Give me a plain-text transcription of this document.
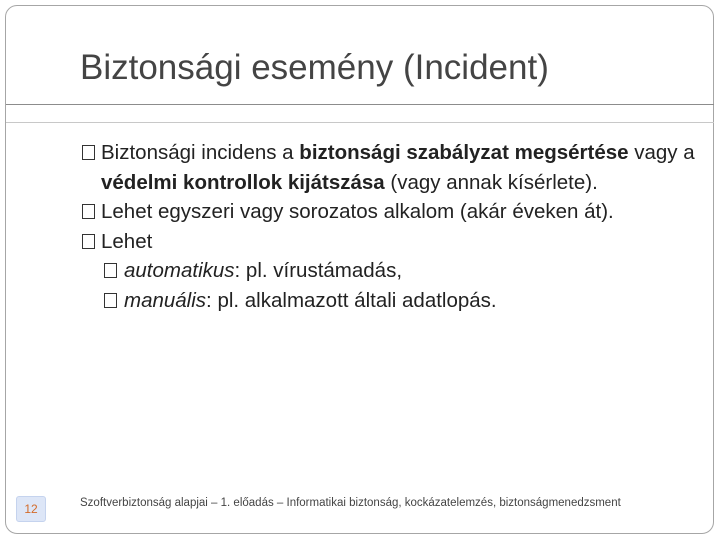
Biztonsági esemény (Incident)
Biztonsági incidens a biztonsági szabályzat megsértése vagy a védelmi kontrollok kijátszása (vagy annak kísérlete).
Lehet egyszeri vagy sorozatos alkalom (akár éveken át).
Lehet
automatikus: pl. vírustámadás,
manuális: pl. alkalmazott általi adatlopás.
12	Szoftverbiztonság alapjai – 1. előadás – Informatikai biztonság, kockázatelemzés, biztonságmenedzsment
